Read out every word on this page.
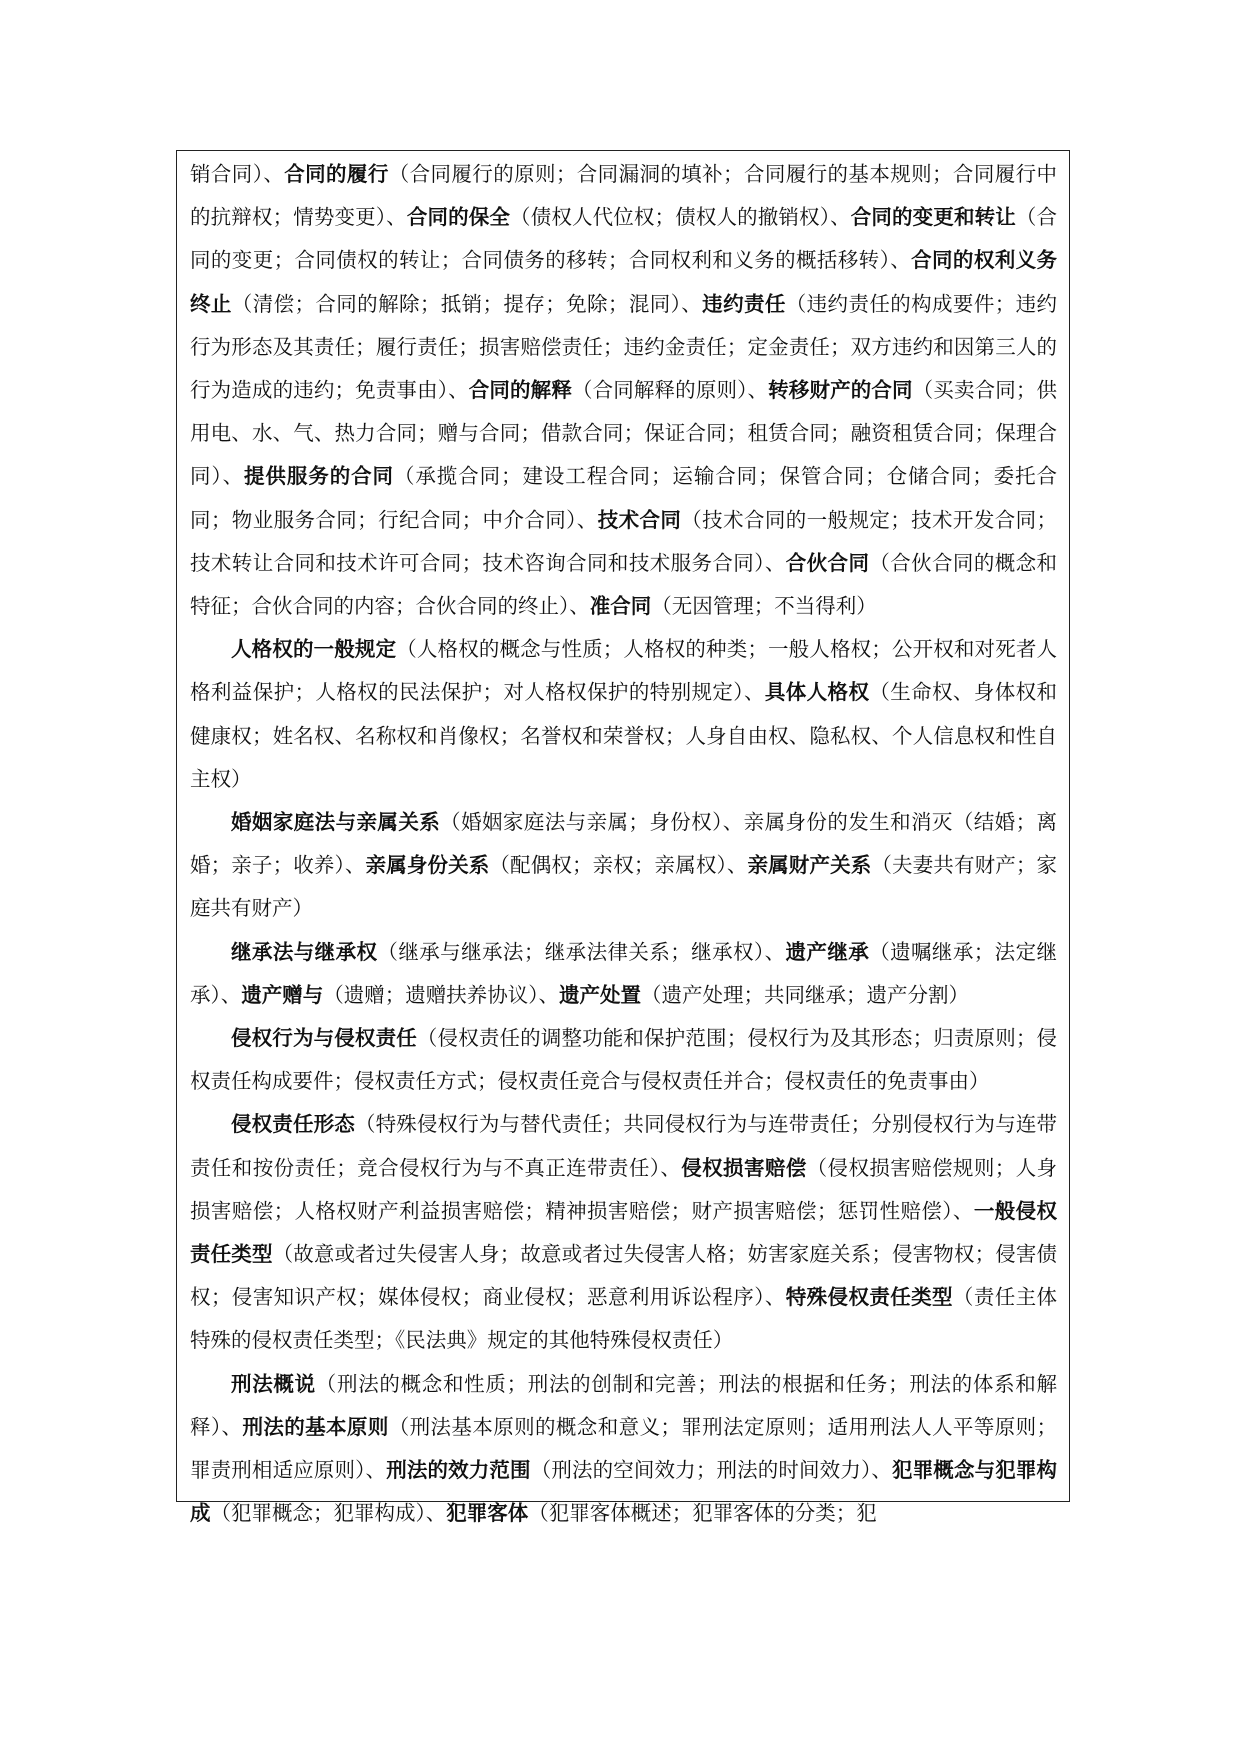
销合同）、合同的履行（合同履行的原则；合同漏洞的填补；合同履行的基本规则；合同履行中的抗辩权；情势变更）、合同的保全（债权人代位权；债权人的撤销权）、合同的变更和转让（合同的变更；合同债权的转让；合同债务的移转；合同权利和义务的概括移转）、合同的权利义务终止（清偿；合同的解除；抵销；提存；免除；混同）、违约责任（违约责任的构成要件；违约行为形态及其责任；履行责任；损害赔偿责任；违约金责任；定金责任；双方违约和因第三人的行为造成的违约；免责事由）、合同的解释（合同解释的原则）、转移财产的合同（买卖合同；供用电、水、气、热力合同；赠与合同；借款合同；保证合同；租赁合同；融资租赁合同；保理合同）、提供服务的合同（承揽合同；建设工程合同；运输合同；保管合同；仓储合同；委托合同；物业服务合同；行纪合同；中介合同）、技术合同（技术合同的一般规定；技术开发合同；技术转让合同和技术许可合同；技术咨询合同和技术服务合同）、合伙合同（合伙合同的概念和特征；合伙合同的内容；合伙合同的终止）、准合同（无因管理；不当得利）

人格权的一般规定（人格权的概念与性质；人格权的种类；一般人格权；公开权和对死者人格利益保护；人格权的民法保护；对人格权保护的特别规定）、具体人格权（生命权、身体权和健康权；姓名权、名称权和肖像权；名誉权和荣誉权；人身自由权、隐私权、个人信息权和性自主权）

婚姻家庭法与亲属关系（婚姻家庭法与亲属；身份权）、亲属身份的发生和消灭（结婚；离婚；亲子；收养）、亲属身份关系（配偶权；亲权；亲属权）、亲属财产关系（夫妻共有财产；家庭共有财产）

继承法与继承权（继承与继承法；继承法律关系；继承权）、遗产继承（遗嘱继承；法定继承）、遗产赠与（遗赠；遗赠扶养协议）、遗产处置（遗产处理；共同继承；遗产分割）

侵权行为与侵权责任（侵权责任的调整功能和保护范围；侵权行为及其形态；归责原则；侵权责任构成要件；侵权责任方式；侵权责任竞合与侵权责任并合；侵权责任的免责事由）

侵权责任形态（特殊侵权行为与替代责任；共同侵权行为与连带责任；分别侵权行为与连带责任和按份责任；竞合侵权行为与不真正连带责任）、侵权损害赔偿（侵权损害赔偿规则；人身损害赔偿；人格权财产利益损害赔偿；精神损害赔偿；财产损害赔偿；惩罚性赔偿）、一般侵权责任类型（故意或者过失侵害人身；故意或者过失侵害人格；妨害家庭关系；侵害物权；侵害债权；侵害知识产权；媒体侵权；商业侵权；恶意利用诉讼程序）、特殊侵权责任类型（责任主体特殊的侵权责任类型；《民法典》规定的其他特殊侵权责任）

刑法概说（刑法的概念和性质；刑法的创制和完善；刑法的根据和任务；刑法的体系和解释）、刑法的基本原则（刑法基本原则的概念和意义；罪刑法定原则；适用刑法人人平等原则；罪责刑相适应原则）、刑法的效力范围（刑法的空间效力；刑法的时间效力）、犯罪概念与犯罪构成（犯罪概念；犯罪构成）、犯罪客体（犯罪客体概述；犯罪客体的分类；犯
